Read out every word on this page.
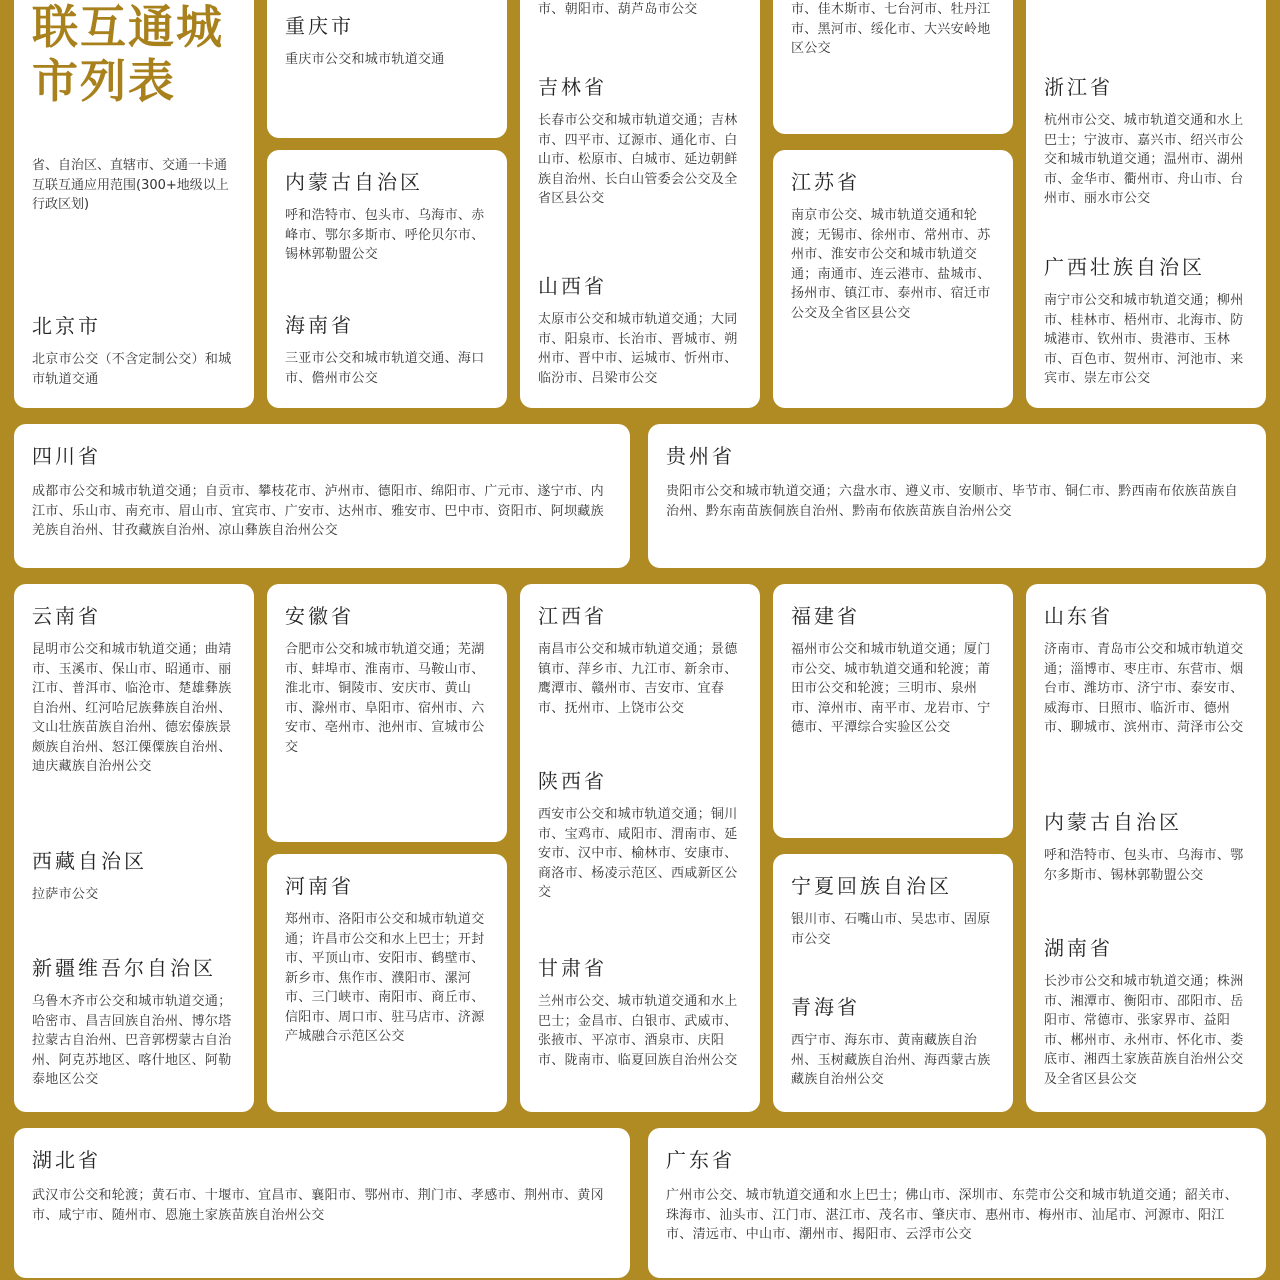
联互通城
市列表
省、自治区、直辖市、交通一卡通互联互通应用范围(300+地级以上行政区划)
北京市

北京市公交（不含定制公交）和城市轨道交通

重庆市

重庆市公交和城市轨道交通

内蒙古自治区

呼和浩特市、包头市、乌海市、赤峰市、鄂尔多斯市、呼伦贝尔市、锡林郭勒盟公交

海南省

三亚市公交和城市轨道交通、海口市、儋州市公交

市、朝阳市、葫芦岛市公交

吉林省

长春市公交和城市轨道交通；吉林市、四平市、辽源市、通化市、白山市、松原市、白城市、延边朝鲜族自治州、长白山管委会公交及全省区县公交

山西省

太原市公交和城市轨道交通；大同市、阳泉市、长治市、晋城市、朔州市、晋中市、运城市、忻州市、临汾市、吕梁市公交

市、佳木斯市、七台河市、牡丹江市、黑河市、绥化市、大兴安岭地区公交

江苏省

南京市公交、城市轨道交通和轮渡；无锡市、徐州市、常州市、苏州市、淮安市公交和城市轨道交通；南通市、连云港市、盐城市、扬州市、镇江市、泰州市、宿迁市公交及全省区县公交

浙江省

杭州市公交、城市轨道交通和水上巴士；宁波市、嘉兴市、绍兴市公交和城市轨道交通；温州市、湖州市、金华市、衢州市、舟山市、台州市、丽水市公交

广西壮族自治区

南宁市公交和城市轨道交通；柳州市、桂林市、梧州市、北海市、防城港市、钦州市、贵港市、玉林市、百色市、贺州市、河池市、来宾市、崇左市公交

四川省

成都市公交和城市轨道交通；自贡市、攀枝花市、泸州市、德阳市、绵阳市、广元市、遂宁市、内江市、乐山市、南充市、眉山市、宜宾市、广安市、达州市、雅安市、巴中市、资阳市、阿坝藏族羌族自治州、甘孜藏族自治州、凉山彝族自治州公交

贵州省

贵阳市公交和城市轨道交通；六盘水市、遵义市、安顺市、毕节市、铜仁市、黔西南布依族苗族自治州、黔东南苗族侗族自治州、黔南布依族苗族自治州公交

云南省

昆明市公交和城市轨道交通；曲靖市、玉溪市、保山市、昭通市、丽江市、普洱市、临沧市、楚雄彝族自治州、红河哈尼族彝族自治州、文山壮族苗族自治州、德宏傣族景颇族自治州、怒江傈僳族自治州、迪庆藏族自治州公交

西藏自治区

拉萨市公交

新疆维吾尔自治区

乌鲁木齐市公交和城市轨道交通；哈密市、昌吉回族自治州、博尔塔拉蒙古自治州、巴音郭楞蒙古自治州、阿克苏地区、喀什地区、阿勒泰地区公交

安徽省

合肥市公交和城市轨道交通；芜湖市、蚌埠市、淮南市、马鞍山市、淮北市、铜陵市、安庆市、黄山市、滁州市、阜阳市、宿州市、六安市、亳州市、池州市、宣城市公交

河南省

郑州市、洛阳市公交和城市轨道交通；许昌市公交和水上巴士；开封市、平顶山市、安阳市、鹤壁市、新乡市、焦作市、濮阳市、漯河市、三门峡市、南阳市、商丘市、信阳市、周口市、驻马店市、济源产城融合示范区公交

江西省

南昌市公交和城市轨道交通；景德镇市、萍乡市、九江市、新余市、鹰潭市、赣州市、吉安市、宜春市、抚州市、上饶市公交

陕西省

西安市公交和城市轨道交通；铜川市、宝鸡市、咸阳市、渭南市、延安市、汉中市、榆林市、安康市、商洛市、杨凌示范区、西咸新区公交

甘肃省

兰州市公交、城市轨道交通和水上巴士；金昌市、白银市、武威市、张掖市、平凉市、酒泉市、庆阳市、陇南市、临夏回族自治州公交

福建省

福州市公交和城市轨道交通；厦门市公交、城市轨道交通和轮渡；莆田市公交和轮渡；三明市、泉州市、漳州市、南平市、龙岩市、宁德市、平潭综合实验区公交

宁夏回族自治区

银川市、石嘴山市、吴忠市、固原市公交

青海省

西宁市、海东市、黄南藏族自治州、玉树藏族自治州、海西蒙古族藏族自治州公交

山东省

济南市、青岛市公交和城市轨道交通；淄博市、枣庄市、东营市、烟台市、潍坊市、济宁市、泰安市、威海市、日照市、临沂市、德州市、聊城市、滨州市、菏泽市公交

内蒙古自治区

呼和浩特市、包头市、乌海市、鄂尔多斯市、锡林郭勒盟公交

湖南省

长沙市公交和城市轨道交通；株洲市、湘潭市、衡阳市、邵阳市、岳阳市、常德市、张家界市、益阳市、郴州市、永州市、怀化市、娄底市、湘西土家族苗族自治州公交及全省区县公交

湖北省

武汉市公交和轮渡；黄石市、十堰市、宜昌市、襄阳市、鄂州市、荆门市、孝感市、荆州市、黄冈市、咸宁市、随州市、恩施土家族苗族自治州公交

广东省

广州市公交、城市轨道交通和水上巴士；佛山市、深圳市、东莞市公交和城市轨道交通；韶关市、珠海市、汕头市、江门市、湛江市、茂名市、肇庆市、惠州市、梅州市、汕尾市、河源市、阳江市、清远市、中山市、潮州市、揭阳市、云浮市公交
